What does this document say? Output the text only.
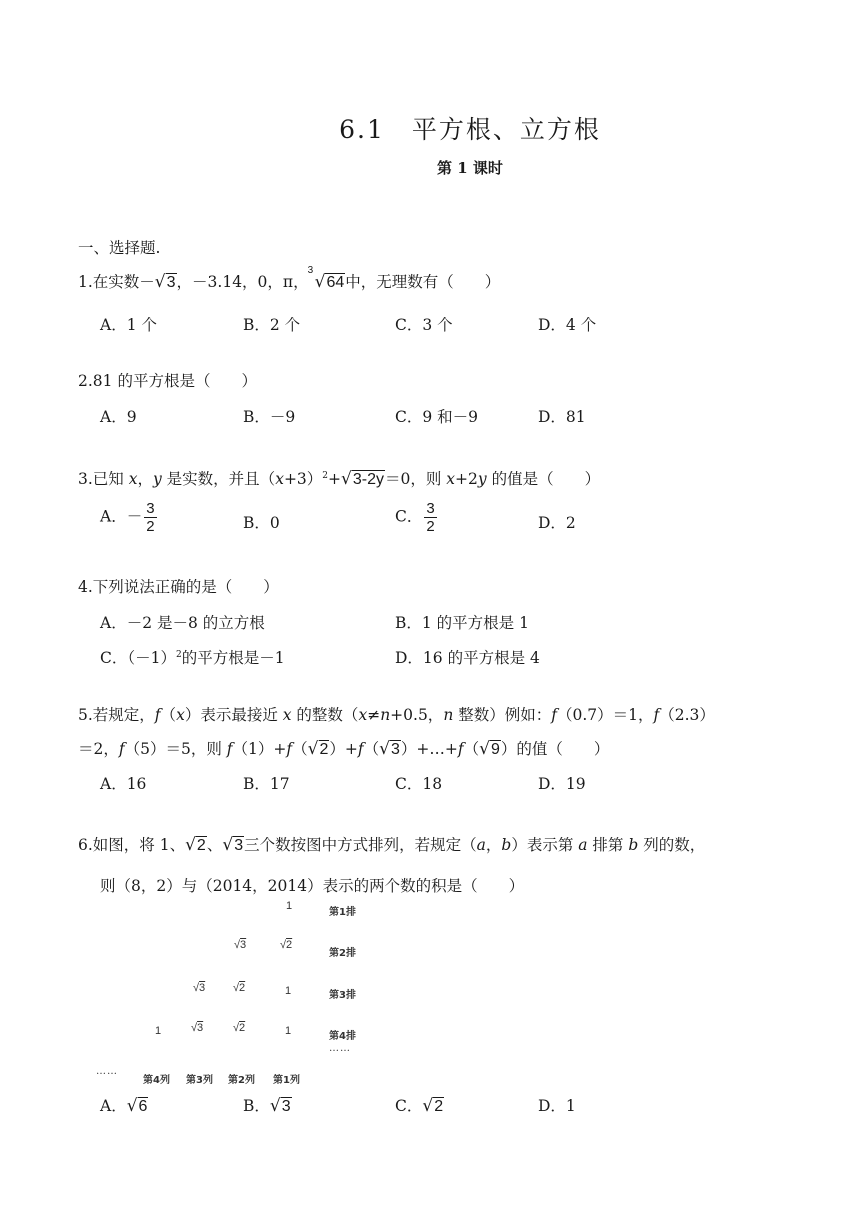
6.1　平方根、立方根
第 1 课时
一、选择题.
1.在实数－√3，－3.14，0，π，
3
√64中，无理数有（　　）
A．1 个	B．2 个	C．3 个	D．4 个
2.81 的平方根是（　　）
A．9	B．－9	C．9 和－9	D．81
3.已知 x，y 是实数，并且$(x+3)^2+√3-2y=0$，则 x+2y 的值是（　　）
A．－ $\frac{3}{2}$	B．0	C． $\frac{3}{2}$	D．2
4.下列说法正确的是（　　）
A．－2 是－8 的立方根	B．1 的平方根是 1
C．$(-1)^2$的平方根是－1	D．16 的平方根是 4
5.若规定，f（x）表示最接近 x 的整数（x≠n+0.5，n 整数）例如：f（0.7）＝1，f（2.3）
＝2，f（5）＝5，则 f（1）+f（√2）+f（√3）+…+f（√9）的值（　　）
A．16	B．17	C．18	D．19
6.如图，将 1、√2、√3三个数按图中方式排列，若规定（a，b）表示第 a 排第 b 列的数，
则（8，2）与（2014，2014）表示的两个数的积是（　　）
1
第1排
√3	√2
第2排
√3	√2	1	第3排
1	√3	√2	1	第4排
……
……
第4列 第3列 第2列 第1列
A．√6	B．√3	C．√2	D．1
